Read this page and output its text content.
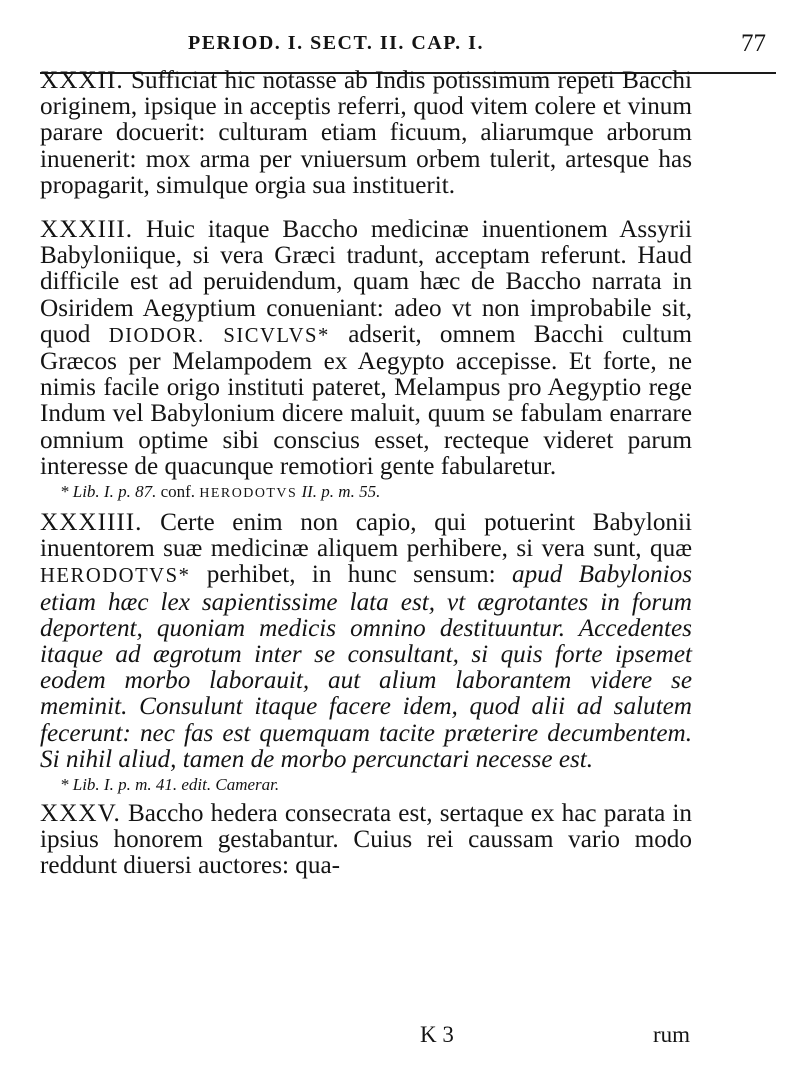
PERIOD. I. SECT. II. CAP. I.	77

XXXII. Sufficiat hic notasse ab Indis potissimum repeti Bacchi originem, ipsique in acceptis referri, quod vitem colere et vinum parare docuerit: culturam etiam ficuum, aliarumque arborum inuenerit: mox arma per vniuersum orbem tulerit, artesque has propagarit, simulque orgia sua instituerit.

XXXIII. Huic itaque Baccho medicinæ inuentionem Assyrii Babyloniique, si vera Græci tradunt, acceptam referunt. Haud difficile est ad peruidendum, quam hæc de Baccho narrata in Osiridem Aegyptium conueniant: adeo vt non improbabile sit, quod DIODOR. SICVLVS* adserit, omnem Bacchi cultum Græcos per Melampodem ex Aegypto accepisse. Et forte, ne nimis facile origo instituti pateret, Melampus pro Aegyptio rege Indum vel Babylonium dicere maluit, quum se fabulam enarrare omnium optime sibi conscius esset, recteque videret parum interesse de quacunque remotiori gente fabularetur.

* Lib. I. p. 87. conf. HERODOTVS II. p. m. 55.

XXXIIII. Certe enim non capio, qui potuerint Babylonii inuentorem suæ medicinæ aliquem perhibere, si vera sunt, quæ HERODOTVS* perhibet, in hunc sensum: apud Babylonios etiam hæc lex sapientissime lata est, vt ægrotantes in forum deportent, quoniam medicis omnino destituuntur. Accedentes itaque ad ægrotum inter se consultant, si quis forte ipsemet eodem morbo laborauit, aut alium laborantem videre se meminit. Consulunt itaque facere idem, quod alii ad salutem fecerunt: nec fas est quemquam tacite præterire decumbentem. Si nihil aliud, tamen de morbo percunctari necesse est.

* Lib. I. p. m. 41. edit. Camerar.

XXXV. Baccho hedera consecrata est, sertaque ex hac parata in ipsius honorem gestabantur. Cuius rei caussam vario modo reddunt diuersi auctores: qua-

K 3	rum
